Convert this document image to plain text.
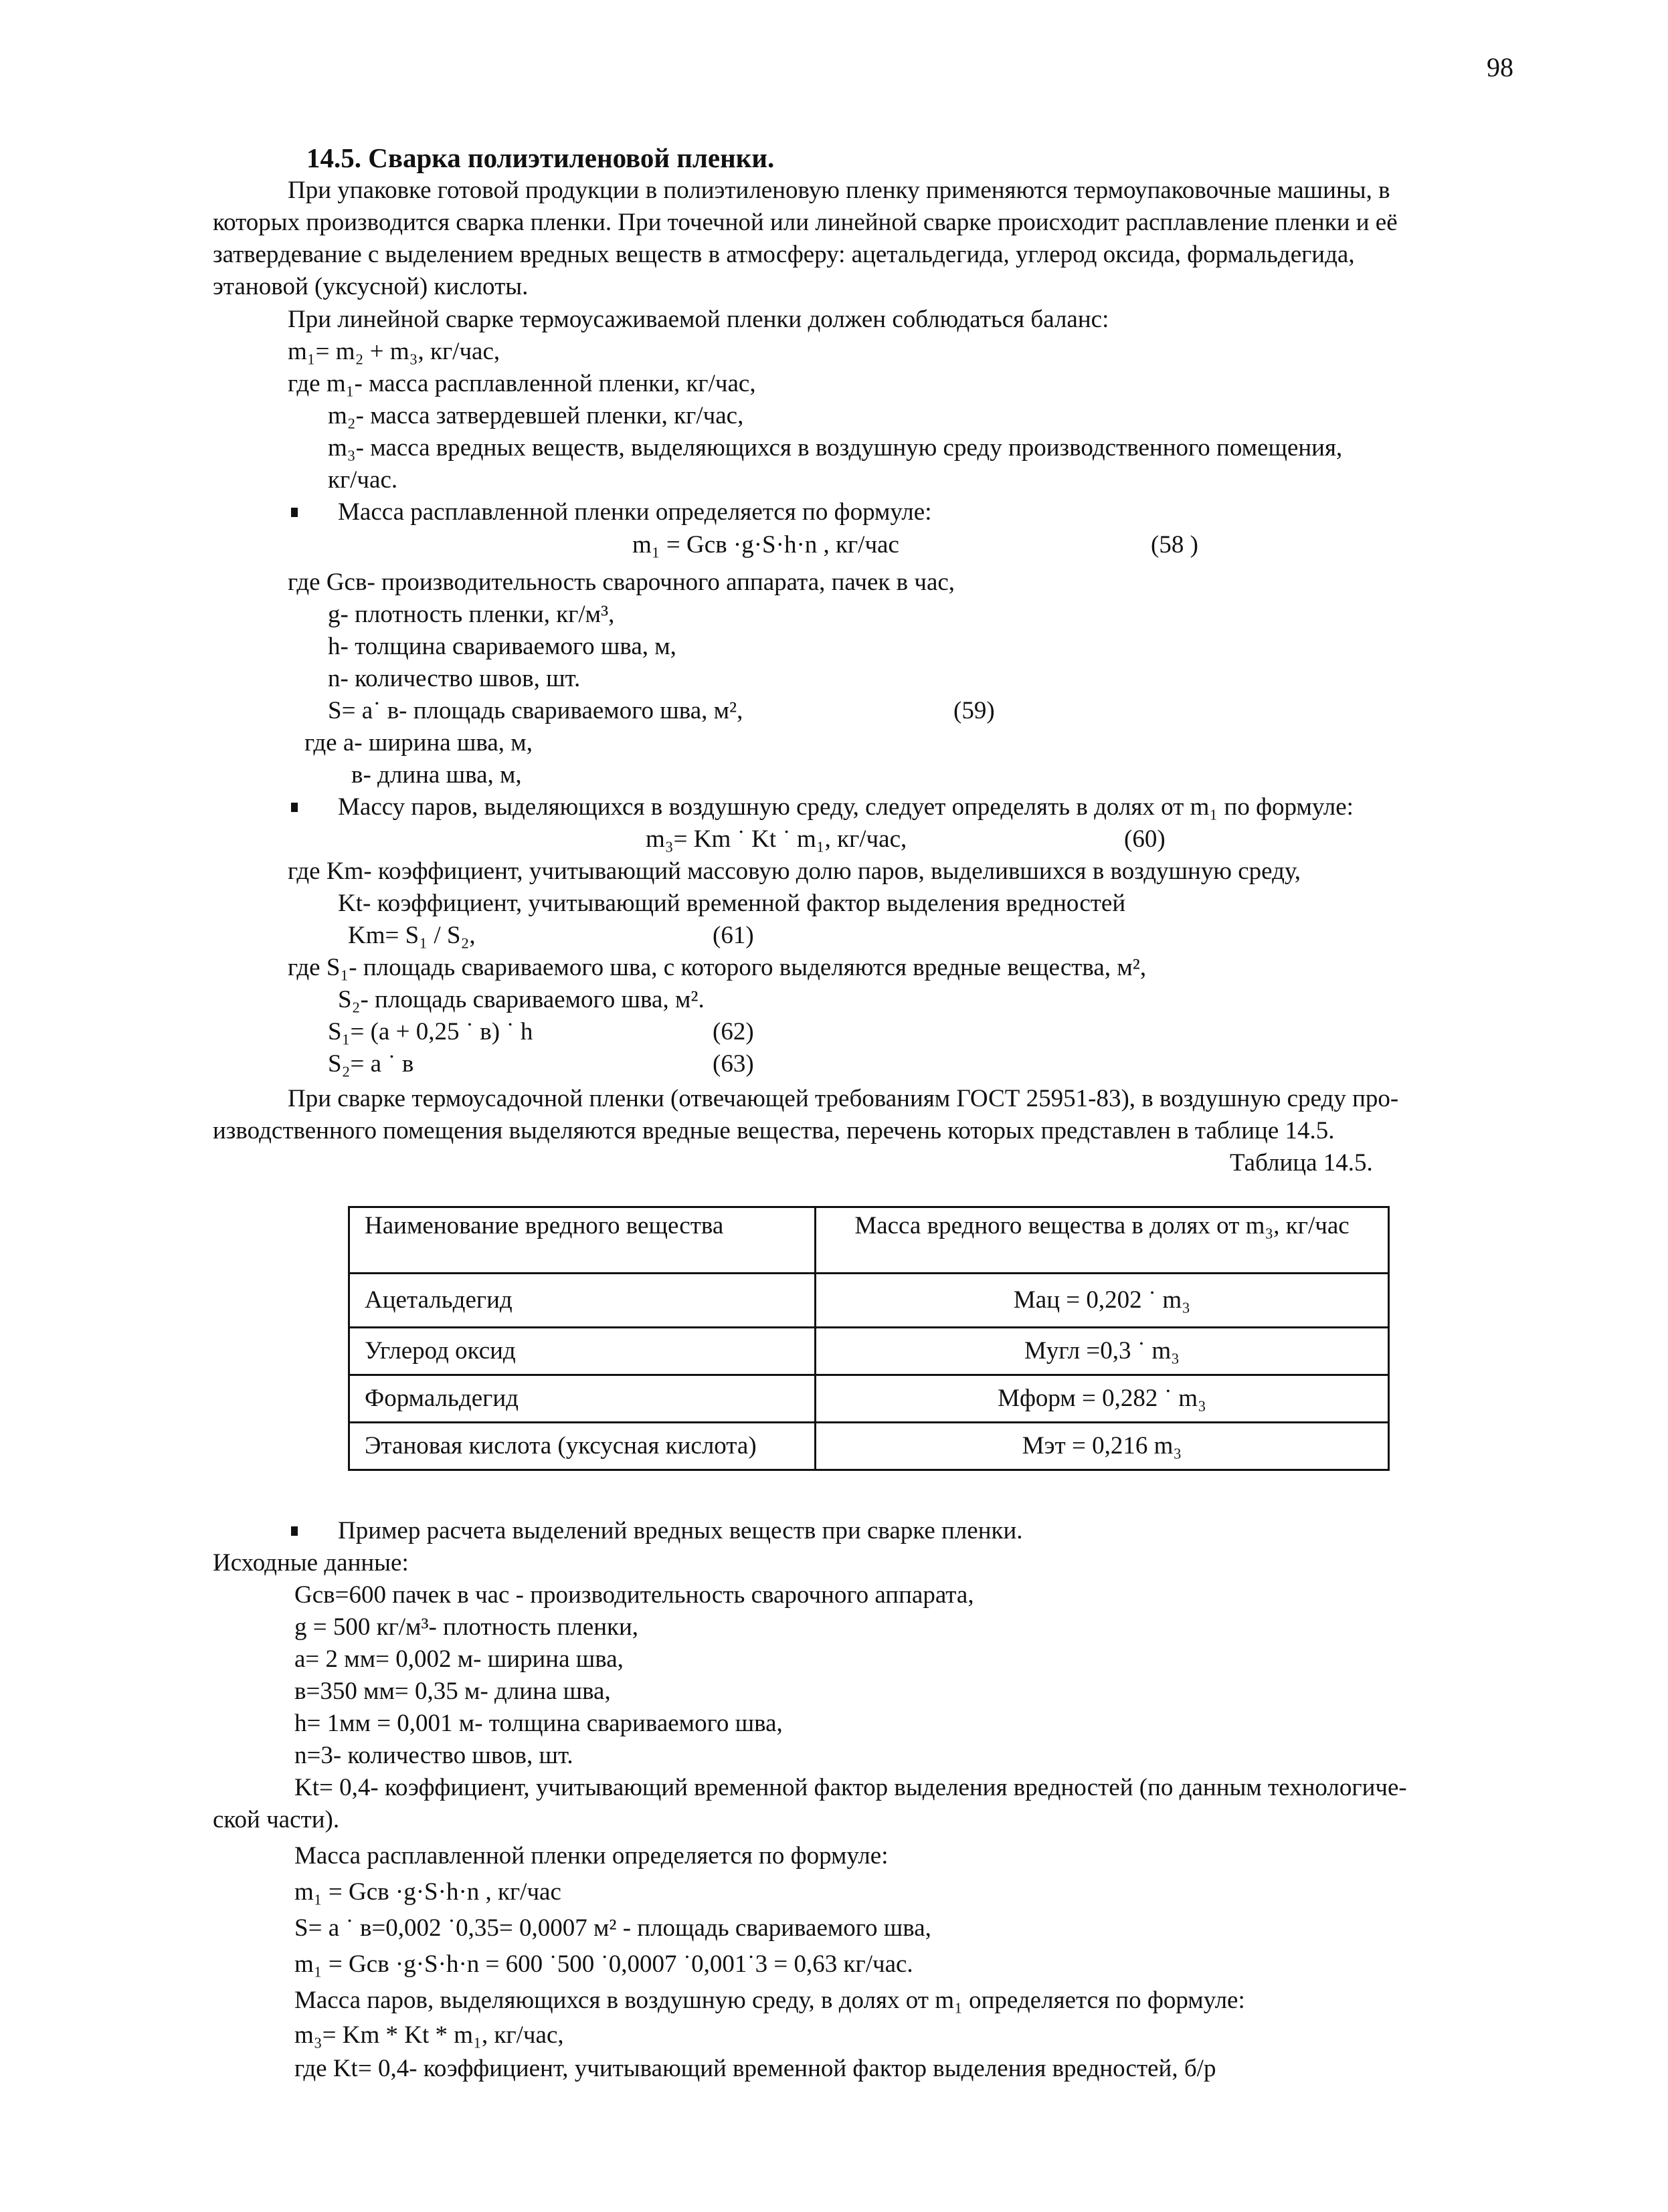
98
14.5. Сварка полиэтиленовой пленки.
При упаковке готовой продукции в полиэтиленовую пленку применяются термоупаковочные машины, в
которых производится сварка пленки. При точечной или линейной сварке происходит расплавление пленки и её
затвердевание с выделением вредных веществ в атмосферу: ацетальдегида, углерод оксида, формальдегида,
этановой (уксусной) кислоты.
При линейной сварке термоусаживаемой пленки должен соблюдаться баланс:
m₁= m₂ + m₃, кг/час,
где m₁- масса расплавленной пленки, кг/час,
m₂- масса затвердевшей пленки, кг/час,
m₃- масса вредных веществ, выделяющихся в воздушную среду производственного помещения,
кг/час.
Масса расплавленной пленки определяется по формуле:
m₁ = Gсв ·g·S·h·n , кг/час	(58 )
где Gсв- производительность сварочного аппарата, пачек в час,
g- плотность пленки, кг/м³,
h- толщина свариваемого шва, м,
n- количество швов, шт.
S= a˙ в- площадь свариваемого шва, м²,	(59)
где а- ширина шва, м,
в- длина шва, м,
Массу паров, выделяющихся в воздушную среду, следует определять в долях от m₁ по формуле:
m₃= Km ˙ Kt ˙ m₁, кг/час,	(60)
где Km- коэффициент, учитывающий массовую долю паров, выделившихся в воздушную среду,
Kt- коэффициент, учитывающий временной фактор выделения вредностей
Km= S₁ / S₂,	(61)
где S₁- площадь свариваемого шва, с которого выделяются вредные вещества, м²,
S₂- площадь свариваемого шва, м².
S₁= (a + 0,25 ˙ в) ˙ h	(62)
S₂= a ˙ в	(63)
При сварке термоусадочной пленки (отвечающей требованиям ГОСТ 25951-83), в воздушную среду про-
изводственного помещения выделяются вредные вещества, перечень которых представлен в таблице 14.5.
Таблица 14.5.
Наименование вредного вещества	Масса вредного вещества в долях от m₃, кг/час
Ацетальдегид	Mац = 0,202 ˙ m₃
Углерод оксид	Mугл =0,3 ˙ m₃
Формальдегид	Mформ = 0,282 ˙ m₃
Этановая кислота (уксусная кислота)	Mэт = 0,216 m₃
Пример расчета выделений вредных веществ при сварке пленки.
Исходные данные:
Gсв=600 пачек в час - производительность сварочного аппарата,
g = 500 кг/м³- плотность пленки,
a= 2 мм= 0,002 м- ширина шва,
в=350 мм= 0,35 м- длина шва,
h= 1мм = 0,001 м- толщина свариваемого шва,
n=3- количество швов, шт.
Kt= 0,4- коэффициент, учитывающий временной фактор выделения вредностей (по данным технологиче-
ской части).
Масса расплавленной пленки определяется по формуле:
m₁ = Gсв ·g·S·h·n , кг/час
S= a ˙ в=0,002 ˙0,35= 0,0007 м² - площадь свариваемого шва,
m₁ = Gсв ·g·S·h·n = 600 ˙500 ˙0,0007 ˙0,001˙3 = 0,63 кг/час.
Масса паров, выделяющихся в воздушную среду, в долях от m₁ определяется по формуле:
m₃= Km * Kt * m₁, кг/час,
где Kt= 0,4- коэффициент, учитывающий временной фактор выделения вредностей, б/р
